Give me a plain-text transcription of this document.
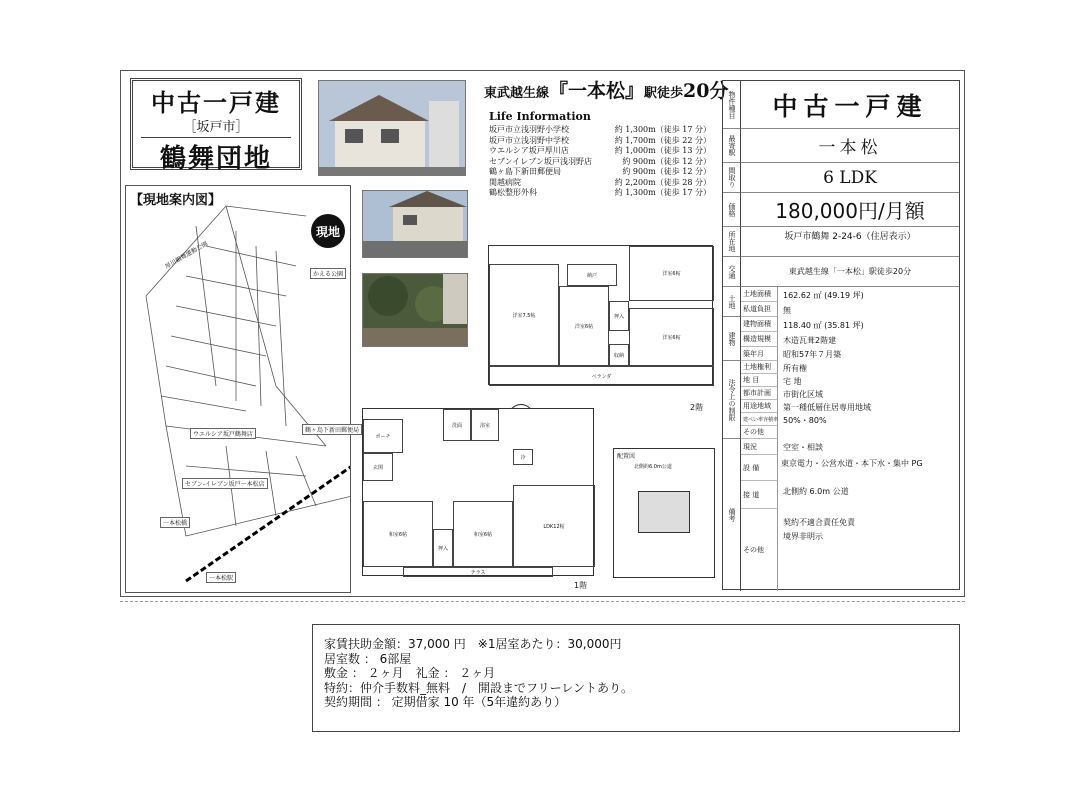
中古一戸建
［坂戸市］
鶴舞団地
【現地案内図】
現地
厚川鶴舞運動公園
かえる公園
ウエルシア坂戸鶴舞店
鶴ヶ島下新田郵便局
セブン-イレブン坂戸一本松店
一本松橋
一本松駅
東武越生線『一本松』駅徒歩20分
Life Information
坂戸市立浅羽野小学校	約 1,300m（徒歩 17 分）
坂戸市立浅羽野中学校	約 1,700m（徒歩 22 分）
ウエルシア坂戸厚川店	約 1,000m（徒歩 13 分）
セブンイレブン坂戸浅羽野店	約 900m（徒歩 12 分）
鶴ヶ島下新田郵便局	約 900m（徒歩 12 分）
関越病院	約 2,200m（徒歩 28 分）
鶴松整形外科	約 1,300m（徒歩 17 分）
洋室7.5帖
洋室6帖
洋室6帖
洋室6帖
ベランダ
納戸
押入
収納
2階
和室6帖	和室6帖
LDK12帖
浴室
洗面
玄関
ポーチ
テラス
冷
押入
1階
配置図
北側約6.0m公道
物件種目 中古一戸建
最寄駅	一本松
間取り	6 LDK
価格 180,000円/月額
所在地	坂戸市鶴舞 2-24-6（住居表示）
交通	東武越生線「一本松」駅徒歩20分
土地
土地面積	162.62 ㎡ (49.19 坪)
私道負担	無
建物
建物面積	118.40 ㎡ (35.81 坪)
構造規模	木造瓦葺2階建
築年月	昭和57年７月築
法令上の制限
土地権利	所有権
地 目	宅 地
都市計画	市街化区域
用途地域	第一種低層住居専用地域
建ぺい率容積率 50%・80%
その他
備考
現況	空室・相談
設 備	東京電力・公営水道・本下水・集中 PG
接 道	北側約 6.0m 公道
その他
契約不適合責任免責
境界非明示
家賃扶助金額：37,000 円　※1居室あたり：30,000円
居室数 ： 6部屋
敷金 ： ２ヶ月　礼金 ： ２ヶ月
特約：仲介手数料_無料　/　開設までフリーレントあり。
契約期間 ： 定期借家 10 年（5年違約あり）
